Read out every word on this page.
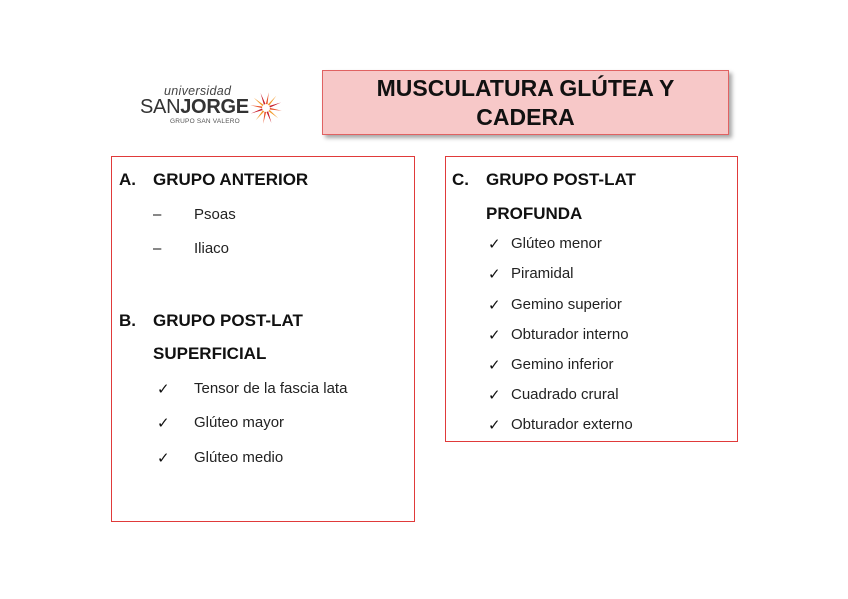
universidad
SANJORGE
GRUPO SAN VALERO
MUSCULATURA GLÚTEA Y CADERA
A. GRUPO ANTERIOR
– Psoas
– Iliaco
B. GRUPO POST-LAT
SUPERFICIAL
✓ Tensor de la fascia lata
✓ Glúteo mayor
✓ Glúteo medio
C. GRUPO POST-LAT
PROFUNDA
✓ Glúteo menor
✓ Piramidal
✓ Gemino superior
✓ Obturador interno
✓ Gemino inferior
✓ Cuadrado crural
✓ Obturador externo
